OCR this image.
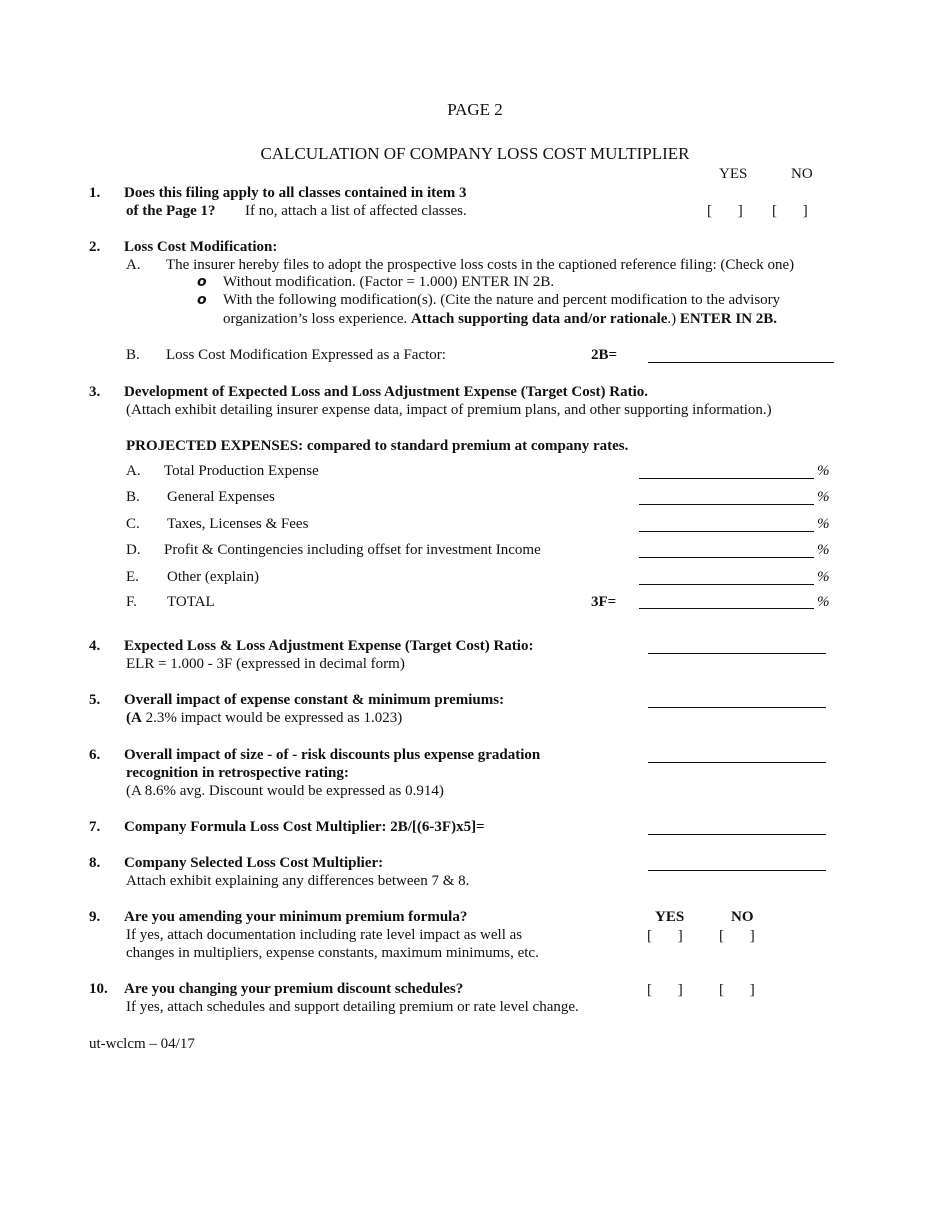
PAGE 2
CALCULATION OF COMPANY LOSS COST MULTIPLIER
YES	NO
1. Does this filing apply to all classes contained in item 3
of the Page 1? If no, attach a list of affected classes.	[ ] [ ]
2. Loss Cost Modification:
A. The insurer hereby files to adopt the prospective loss costs in the captioned reference filing: (Check one)
o Without modification. (Factor = 1.000) ENTER IN 2B.
o With the following modification(s). (Cite the nature and percent modification to the advisory
organization’s loss experience. Attach supporting data and/or rationale.) ENTER IN 2B.
B. Loss Cost Modification Expressed as a Factor:	2B=
3. Development of Expected Loss and Loss Adjustment Expense (Target Cost) Ratio.
(Attach exhibit detailing insurer expense data, impact of premium plans, and other supporting information.)
PROJECTED EXPENSES: compared to standard premium at company rates.
A. Total Production Expense	%
B. General Expenses	%
C. Taxes, Licenses & Fees	%
D. Profit & Contingencies including offset for investment Income	%
E. Other (explain)	%
F. TOTAL	3F=	%
4. Expected Loss & Loss Adjustment Expense (Target Cost) Ratio:
ELR = 1.000 - 3F (expressed in decimal form)
5. Overall impact of expense constant & minimum premiums:
(A 2.3% impact would be expressed as 1.023)
6. Overall impact of size - of - risk discounts plus expense gradation
recognition in retrospective rating:
(A 8.6% avg. Discount would be expressed as 0.914)
7. Company Formula Loss Cost Multiplier: 2B/[(6-3F)x5]=
8. Company Selected Loss Cost Multiplier:
Attach exhibit explaining any differences between 7 & 8.
9. Are you amending your minimum premium formula?
If yes, attach documentation including rate level impact as well as
changes in multipliers, expense constants, maximum minimums, etc.
YES	NO
[ ] [ ]
10. Are you changing your premium discount schedules?
If yes, attach schedules and support detailing premium or rate level change.
[ ] [ ]
ut-wclcm – 04/17
